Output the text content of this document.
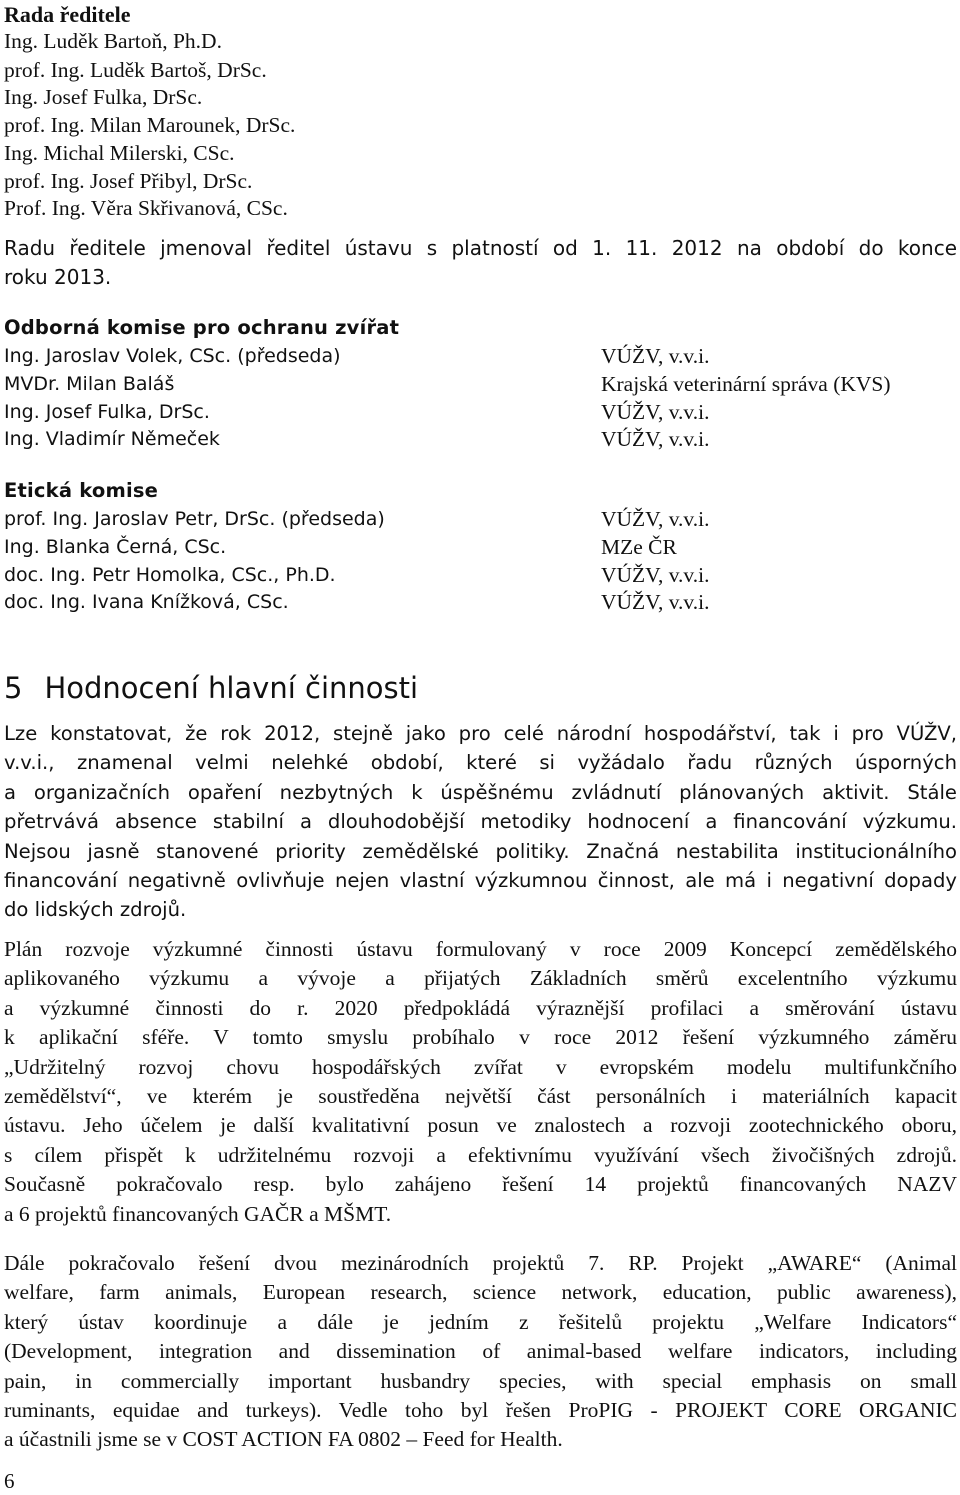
Rada ředitele
Ing. Luděk Bartoň, Ph.D.
prof. Ing. Luděk Bartoš, DrSc.
Ing. Josef Fulka, DrSc.
prof. Ing. Milan Marounek, DrSc.
Ing. Michal Milerski, CSc.
prof. Ing. Josef Přibyl, DrSc.
Prof. Ing. Věra Skřivanová, CSc.
Radu ředitele jmenoval ředitel ústavu s platností od 1. 11. 2012 na období do konce
roku 2013.
Odborná komise pro ochranu zvířat
Ing. Jaroslav Volek, CSc. (předseda)	VÚŽV, v.v.i.
MVDr. Milan Baláš	Krajská veterinární správa (KVS)
Ing. Josef Fulka, DrSc.	VÚŽV, v.v.i.
Ing. Vladimír Němeček	VÚŽV, v.v.i.
Etická komise
prof. Ing. Jaroslav Petr, DrSc. (předseda)	VÚŽV, v.v.i.
Ing. Blanka Černá, CSc.	MZe ČR
doc. Ing. Petr Homolka, CSc., Ph.D.	VÚŽV, v.v.i.
doc. Ing. Ivana Knížková, CSc.	VÚŽV, v.v.i.
5 Hodnocení hlavní činnosti
Lze konstatovat, že rok 2012, stejně jako pro celé národní hospodářství, tak i pro VÚŽV,
v.v.i., znamenal velmi nelehké období, které si vyžádalo řadu různých úsporných
a organizačních opaření nezbytných k úspěšnému zvládnutí plánovaných aktivit. Stále
přetrvává absence stabilní a dlouhodobější metodiky hodnocení a financování výzkumu.
Nejsou jasně stanovené priority zemědělské politiky. Značná nestabilita institucionálního
financování negativně ovlivňuje nejen vlastní výzkumnou činnost, ale má i negativní dopady
do lidských zdrojů.
Plán rozvoje výzkumné činnosti ústavu formulovaný v roce 2009 Koncepcí zemědělského
aplikovaného výzkumu a vývoje a přijatých Základních směrů excelentního výzkumu
a výzkumné činnosti do r. 2020 předpokládá výraznější profilaci a směrování ústavu
k aplikační sféře. V tomto smyslu probíhalo v roce 2012 řešení výzkumného záměru
„Udržitelný rozvoj chovu hospodářských zvířat v evropském modelu multifunkčního
zemědělství“, ve kterém je soustředěna největší část personálních i materiálních kapacit
ústavu. Jeho účelem je další kvalitativní posun ve znalostech a rozvoji zootechnického oboru,
s cílem přispět k udržitelnému rozvoji a efektivnímu využívání všech živočišných zdrojů.
Současně pokračovalo resp. bylo zahájeno řešení 14 projektů financovaných NAZV
a 6 projektů financovaných GAČR a MŠMT.
Dále pokračovalo řešení dvou mezinárodních projektů 7. RP. Projekt „AWARE“ (Animal
welfare, farm animals, European research, science network, education, public awareness),
který ústav koordinuje a dále je jedním z řešitelů projektu „Welfare Indicators“
(Development, integration and dissemination of animal-based welfare indicators, including
pain, in commercially important husbandry species, with special emphasis on small
ruminants, equidae and turkeys). Vedle toho byl řešen ProPIG - PROJEKT CORE ORGANIC
a účastnili jsme se v COST ACTION FA 0802 – Feed for Health.
6
